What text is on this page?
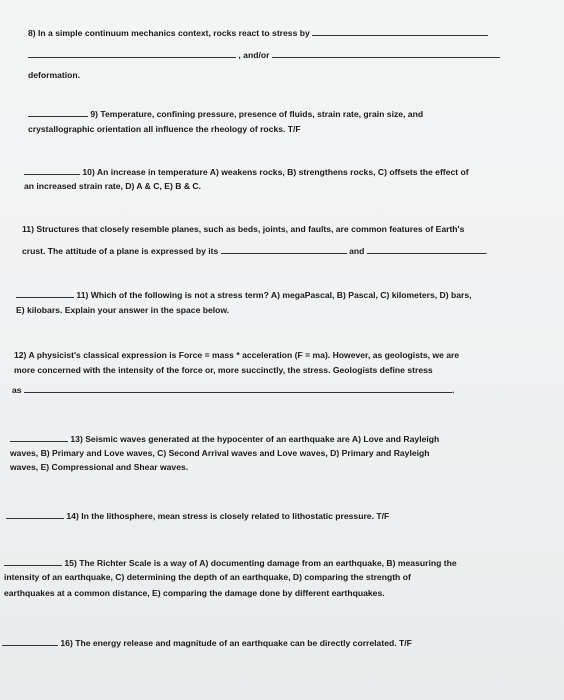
8) In a simple continuum mechanics context, rocks react to stress by
, and/or
deformation.
9) Temperature, confining pressure, presence of fluids, strain rate, grain size, and
crystallographic orientation all influence the rheology of rocks. T/F
10) An increase in temperature A) weakens rocks, B) strengthens rocks, C) offsets the effect of
an increased strain rate, D) A & C, E) B & C.
11) Structures that closely resemble planes, such as beds, joints, and faults, are common features of Earth's
crust. The attitude of a plane is expressed by its	and	.
11) Which of the following is not a stress term? A) megaPascal, B) Pascal, C) kilometers, D) bars,
E) kilobars. Explain your answer in the space below.
12) A physicist's classical expression is Force = mass * acceleration (F = ma). However, as geologists, we are
more concerned with the intensity of the force or, more succinctly, the stress. Geologists define stress
as	.
13) Seismic waves generated at the hypocenter of an earthquake are A) Love and Rayleigh
waves, B) Primary and Love waves, C) Second Arrival waves and Love waves, D) Primary and Rayleigh
waves, E) Compressional and Shear waves.
14) In the lithosphere, mean stress is closely related to lithostatic pressure. T/F
15) The Richter Scale is a way of A) documenting damage from an earthquake, B) measuring the
intensity of an earthquake, C) determining the depth of an earthquake, D) comparing the strength of
earthquakes at a common distance, E) comparing the damage done by different earthquakes.
16) The energy release and magnitude of an earthquake can be directly correlated. T/F
